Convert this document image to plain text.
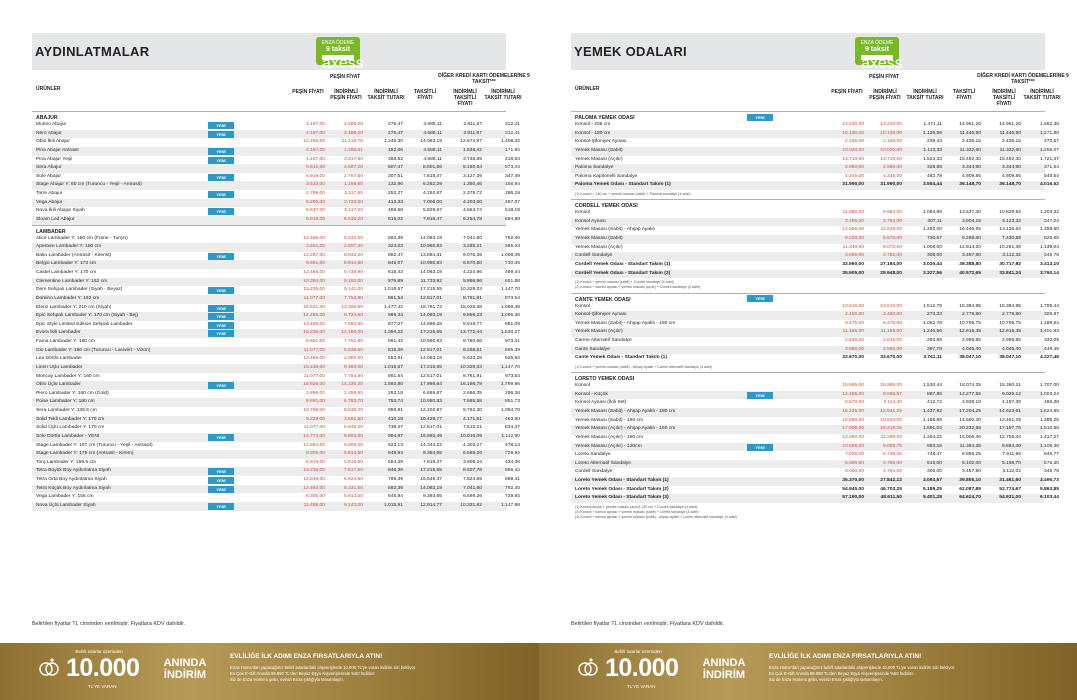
AYDINLATMALAR
ENZA ÖDEME
9 taksit
axess
ÜRÜNLER
PEŞİN FİYAT	DİĞER KREDİ KARTI ÖDEMELERİNE 9 TAKSİT***
PEŞİN FİYATI	İNDİRİMLİ PEŞİN FİYATI
İNDİRİMLİ TAKSİT TUTARI
TAKSİTLİ FİYATI
İNDİRİMLİ TAKSİTLİ FİYATI
İNDİRİMLİ TAKSİT TUTARI
ABAJUR
Murino Abajur	YENİ	4.167,00	2.488,20	276,47	4.686,11	2.811,67	312,41
Nero Abajur	YENİ	4.167,00	2.488,20	276,47	4.686,11	2.811,67	312,41
Oblo İkili Abajur	12.465,00	11.216,70	1.246,30	14.083,19	12.674,87	1.408,32
Pina Abajur Antrasit	YENİ	4.167,00	1.368,51	152,06	4.686,11	1.546,42	171,82
Pina Abajur Yeşil	YENİ	4.167,00	3.317,60	368,62	4.686,11	3.748,89	416,54
Sera Abajur	9.612,00	4.597,20	507,47	8.601,56	5.160,94	573,44
Sole Abajur	YENİ	6.919,00	2.767,60	307,51	7.818,47	3.127,39	347,49
Stage Abajur Y: 60 cm (Turuncu - Yeşil - Antrasit)	3.533,00	1.159,60	132,96	6.252,29	1.350,46	158,94
Torre Abajur	YENİ	2.799,00	2.117,60	253,27	4.292,87	2.375,72	286,19
Vega Abajur	6.200,00	3.720,00	413,33	7.006,00	4.203,60	467,07
Nova İkili Abajur Siyah	YENİ	6.537,00	5.117,20	459,58	5.829,67	4.663,74	518,19
Sloam Led Abajur	6.919,00	5.535,20	615,02	7.818,47	6.254,78	694,98
LAMBADER
Alice Lambader Y: 160 cm (Füme - Turçin)	12.465,00	6.232,50	692,39	14.083,19	7.041,60	782,40
Aperture Lambader Y: 160 cm	3.651,00	2.907,30	323,03	10.950,83	3.285,21	365,03
Baku Lambader (Antrasit - Kiremit)	YENİ	12.287,00	8.032,20	892,47	13.884,31	9.076,39	1.008,49
Belgio Lambader Y: 173 cm	9.691,00	5.814,60	646,07	10.950,83	6.570,50	730,06
Castel Lambader Y: 170 cm	12.465,00	5.738,90	615,43	14.083,19	4.224,96	469,44
Clementine Lambader Y: 162 cm	10.384,00	5.192,00	576,89	11.733,92	5.866,96	651,88
Dem Sehpalı Lambader (Siyah - Beyaz)	YENİ	15.235,00	9.141,00	1.015,67	17.215,55	10.329,33	1.147,70
Domino Lambader Y: 162 cm	11.077,00	7.754,90	861,54	12.517,01	8.761,91	973,54
Elenz Lambader Y: 210 cm (Siyah)	YENİ	16.621,00	13.296,80	1.477,42	18.781,73	15.025,38	1.669,49
Epic Sehpalı Lambader Y: 170 cm (Siyah - Bej)	YENİ	12.465,00	8.724,50	969,34	14.083,19	9.858,23	1.095,36
Epic Style Limited Edition Sehpalı Lambader	YENİ	13.156,00	7.893,60	877,07	14.866,28	8.919,77	991,09
Evora İkili Lambader	YENİ	15.235,00	12.188,00	1.354,22	17.215,55	13.772,44	1.530,27
Fama Lambader Y: 160 cm	9.691,00	7.752,80	861,42	10.950,83	8.760,66	973,41
Gio Lambader Y: 160 cm (Turuncu - Lacivert - Vizon)	11.077,00	5.538,50	615,39	12.517,01	6.258,51	695,39
Lea Dörtlü Lambader	12.465,00	4.985,00	553,91	14.083,19	5.633,28	625,92
Linen Uçlu Lambader	15.235,00	9.363,00	1.015,67	17.215,55	10.329,33	1.147,70
Moncay Lambader Y: 160 cm	11.077,00	7.754,90	861,54	12.517,01	8.761,91	973,54
Oblo Üçlü Lambader	YENİ	15.928,00	14.335,20	1.592,80	17.998,64	16.198,78	1.799,86
Piero Lambader Y: 160 cm (Gold)	3.899,00	2.359,60	262,18	6.665,87	2.666,35	296,26
Poise Lambader Y: 160 cm	9.691,00	6.783,70	753,74	10.950,83	7.665,58	851,73
Sera Lambader Y: 139.5 cm	10.799,00	8.639,20	959,91	12.202,87	9.762,30	1.084,70
Solid Tekli Lambader Y: 170 cm	9.229,00	3.691,60	410,18	10.428,77	4.171,51	463,50
Solid Üçlü Lambader Y: 170 cm	11.077,00	6.646,20	738,47	12.517,01	7.510,21	834,47
Sole Dörtlü Lambader - YENİ	YENİ	14.773,00	8.863,80	984,87	16.693,49	10.016,09	1.112,90
Stage Lambader Y: 187 cm (Turuncu - Yeşil - Antrasit)	12.694,00	5.809,20	623,13	14.344,22	4.303,27	478,14
Stage Lambader Y: 175 cm (Antrasit - Kirem)	8.305,00	5.813,50	645,94	9.384,65	6.569,26	729,92
Torq Lambader Y: 159.5 cm	6.919,00	5.618,50	584,39	7.818,47	3.909,24	434,36
Tetra Büyük Boy Aydınlatma Siyah	YENİ	15.235,00	7.617,50	846,39	17.215,55	8.607,78	956,42
Tetra Orta Boy Aydınlatma Siyah	YENİ	13.849,00	6.924,50	769,39	15.649,37	7.824,69	869,41
Tetra Küçük Boy Aydınlatma Siyah	YENİ	12.463,00	6.231,50	692,39	14.083,19	7.041,60	782,40
Vega Lambader Y: 155 cm	8.305,00	5.813,50	645,94	9.384,65	6.569,26	729,92
Nova Üçlü Lambader Siyah	YENİ	11.489,00	9.143,20	1.015,91	12.914,77	10.331,82	1.147,98
Belirtilen fiyatlar TL cinsinden verilmiştir. Fiyatlara KDV dahildir.
Belirli tutarlar üzerinden
10.000
TL'YE VARAN
ANINDA
İNDİRİM
EVLİLİĞE İLK ADIMI ENZA FIRSATLARIYLA ATIN!
Enza Home'dan yapacağınız belirli tutarlardaki alışverişlerde 10.000 TL'ye varan indirim sizi bekliyor.
En Çok E-Gift Anında 99.990 TL'den Beyaz Eşya Alışverişlerinde %50 İndirim!
Siz de Enza Home'a gelin, evinizi Enza şıklığıyla tamamlayın.
YEMEK ODALARI
ENZA ÖDEME
9 taksit
axess
ÜRÜNLER
PEŞİN FİYAT	DİĞER KREDİ KARTI ÖDEMELERİNE 9 TAKSİT***
PEŞİN FİYATI	İNDİRİMLİ PEŞİN FİYATI
İNDİRİMLİ TAKSİT TUTARI
TAKSİTLİ FİYATI
İNDİRİMLİ TAKSİTLİ FİYATI
İNDİRİMLİ TAKSİT TUTARI
PALOMA YEMEK ODASI	YENİ
Konsol - 208 cm	13.240,00	13.240,00	1.471,11	14.961,20	14.961,20	1.662,36
Konsol - 180 cm	10.130,00	10.130,00	1.125,56	11.446,90	11.446,90	1.271,88
Konsol-Şifoniyer Aynası	2.155,00	2.155,00	239,44	2.435,15	2.435,15	270,57
Yemek Masası (Sabit)	10.020,00	10.020,00	1.113,33	11.322,60	11.322,60	1.258,07
Yemek Masası (Açılır)	13.710,00	13.710,00	1.523,33	15.492,30	15.492,30	1.721,37
Paloma Sandalye	2.960,00	2.960,00	328,89	3.344,80	3.344,80	371,64
Paloma Kapitonelli Sandalye	4.345,00	4.345,00	482,78	4.909,85	4.909,85	545,54
Paloma Yemek Odası - Standart Takım (1)	31.990,00	31.990,00	3.554,44	36.148,70	36.148,70	4.016,52
(1) Konsol + 180 cm + yemek masası (sabit) + Paloma sandalye (4 adet)
CORDELL YEMEK ODASI
Konsol	11.980,00	9.584,00	1.064,89	13.537,40	10.829,92	1.203,32
Konsol Aynası	3.455,00	2.764,00	307,11	3.904,15	3.123,32	347,04
Yemek Masası (Sabit) - Ahşap Ayaklı	14.555,00	11.629,00	1.292,00	16.446,55	13.136,64	1.459,60
Yemek Masası (Sabit)	8.220,00	6.576,00	730,67	9.288,60	7.430,88	825,65
Yemek Masası (Açılır)	11.340,00	9.072,00	1.008,00	12.814,20	10.251,36	1.139,04
Cordell Sandalye	3.065,00	2.752,00	306,00	3.457,80	3.112,32	345,78
Cordell Yemek Odası - Standart Takım (1)	33.960,00	27.184,00	3.020,44	38.388,80	30.717,92	3.413,10
Cordell Yemek Odası - Standart Takım (2)	35.905,00	29.948,00	3.327,56	40.572,65	33.841,24	3.760,14
(1) Konsol + yemek masası (sabit) + Cordell sandalye (4 adet)
(2) Konsol + konsol aynası + yemek masası (açılır) + Cordell sandalye (4 adet)
CANTE YEMEK ODASI	YENİ
Konsol	13.615,00	13.615,00	1.512,78	15.384,95	15.384,95	1.709,44
Konsol-Şifoniyer Aynası	2.460,00	2.460,00	273,33	2.779,80	2.779,80	308,87
Yemek Masası (Sabit) - Ahşap Ayaklı - 180 cm	9.475,00	9.475,00	1.052,78	10.706,75	10.706,75	1.189,64
Yemek Masası (Açılır)	11.165,00	11.165,00	1.240,56	12.616,45	12.616,45	1.401,83
Carme Alternatif Sandalye	2.645,00	2.645,00	293,89	2.988,85	2.988,85	332,09
Cante Sandalye	3.580,00	3.580,00	397,78	4.045,40	4.045,40	449,49
Cante Yemek Odası - Standart Takım (1)	33.670,00	33.670,00	3.741,11	38.047,10	38.047,10	4.227,46
(1) Konsol + yemek masası (sabit) - Ahşap Ayaklı + Carme alternatif Sandalye (4 adet)
LORETO YEMEK ODASI
Konsol	15.995,00	15.995,00	1.530,44	18.074,35	15.360,21	1.707,00
Konsol - Küçük	YENİ	12.455,00	9.965,57	887,85	14.277,55	9.029,12	1.003,24
Konsol Aynası (İkili Set)	6.570,00	3.114,30	412,72	4.938,10	4.197,39	466,38
Yemek Masası (Sabit) - Ahşap Ayaklı - 180 cm	15.225,00	12.941,25	1.437,92	17.204,25	14.623,61	1.624,85
Yemek Masası (Sabit) - 160 cm	12.580,00	10.533,00	1.188,89	14.660,40	12.461,29	1.385,25
Yemek Masası (Açılır) - Ahşap Ayaklı - 160 cm	17.905,00	15.219,25	1.691,03	20.232,65	17.197,75	1.910,86
Yemek Masası (Açılır) - 160 cm	13.280,00	11.288,00	1.254,22	15.006,40	12.755,44	1.417,27
Yemek Masası (Açılır) - 120cm	YENİ	10.595,00	9.005,75	983,15	11.364,35	9.884,40	1.109,38
Loreto Sandalye	7.925,00	6.736,25	748,47	8.955,25	7.611,96	845,77
Loreto Alternatif Sandalye	5.600,00	4.760,00	515,00	6.102,00	5.186,70	576,30
Cordell Sandalye	3.060,00	2.754,00	306,00	3.457,80	3.112,02	345,78
Loreto Yemek Odası - Standart Takım (1)	35.370,00	27.842,12	3.093,57	39.855,10	31.461,60	3.495,73
Loreto Yemek Odası - Standart Takım (2)	54.945,00	46.703,25	5.189,25	62.087,85	52.774,67	5.863,85
Loreto Yemek Odası - Standart Takım (3)	57.190,00	48.611,50	5.401,28	64.624,70	54.931,00	6.103,44
(1) Konsol küçük + yemek masası (açılır) 120 cm + Cordell sandalye (4 adet)
(2) Konsol + konsol aynası + yemek masası (sabit) + Loreto sandalye (4 adet)
(3) Konsol + konsol aynası + yemek masası (sabit) - ahşap ayaklı + Loreto alternatif sandalye (4 adet)
Belirtilen fiyatlar TL cinsinden verilmiştir. Fiyatlara KDV dahildir.
Belirli tutarlar üzerinden
10.000
TL'YE VARAN
ANINDA
İNDİRİM
EVLİLİĞE İLK ADIMI ENZA FIRSATLARIYLA ATIN!
Enza Home'dan yapacağınız belirli tutarlardaki alışverişlerde 10.000 TL'ye varan indirim sizi bekliyor.
En Çok E-Gift Anında 99.990 TL'den Beyaz Eşya Alışverişlerinde %50 İndirim!
Siz de Enza Home'a gelin, evinizi Enza şıklığıyla tamamlayın.
